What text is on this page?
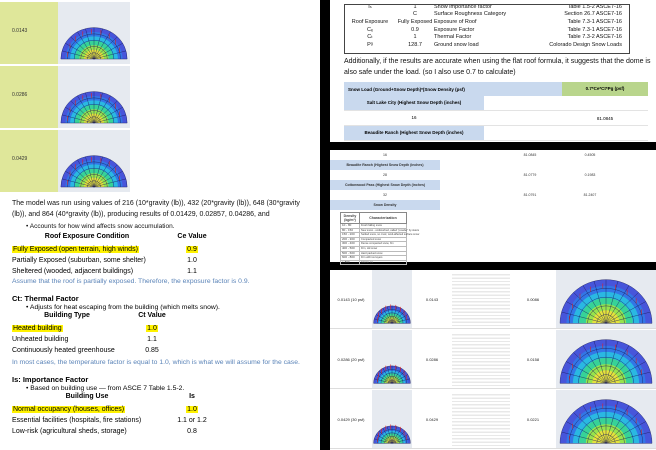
0.0143
0.0286
0.0429
The model was run using values of 216 (10*gravity (lb)), 432 (20*gravity (lb)), 648 (30*gravity (lb)), and 864 (40*gravity (lb)), producing results of 0.01429, 0.02857, 0.04286, and
Iₛ	1	Snow importance factor	Table 1.5-2 ASCE7-16
	C	Surface Roughness Category	Section 26.7 ASCE7-16
Roof Exposure	Fully Exposed	Exposure of Roof	Table 7.3-1 ASCE7-16
Cₑ	0.9	Exposure Factor	Table 7.3-1 ASCE7-16
Cₜ	1	Thermal Factor	Table 7.3-2 ASCE7-16
Pᵍ	128.7	Ground snow load	Colorado Design Snow Loads
Additionally, if the results are accurate when using the flat roof formula, it suggests that the dome is also safe under the load. (so I also use 0.7 to calculate)
Snow Load (Ground+Snow Depth)*(Snow Density (psf)	0.7*Ce*Ct*Pg (psf)
Salt Lake City (Highest Snow Depth (inches)
16	81.0845
Beaudite Ranch (Highest Snow Depth (inches)
28	81.0779
16	81.0845	0.4505
Beaudite Ranch (Highest Snow Depth (inches)
28	81.0779	0.1983
Cottonwood Pass (Highest Snow Depth (inches)
32	81.0791	81.2407
Snow Density
Density (kg/m³)	Characterization
10 - 80	Fresh falling snow
80 - 150	New snow - undisturbed, called "powder" by skiers
150 - 200	Settled snow, no crust; wind-affected surface snow
200 - 300	Compacted snow
300 - 400	Dense compacted snow, firn
400 - 500	Firn, old snow
500 - 600	Hard packed snow
600 - 800	Firn with ice layers
> 800	Glacier ice
• Accounts for how wind affects snow accumulation.
Roof Exposure Condition	Ce Value
Fully Exposed (open terrain, high winds)	0.9
Partially Exposed (suburban, some shelter)	1.0
Sheltered (wooded, adjacent buildings)	1.1
Assume that the roof is partially exposed. Therefore, the exposure factor is 0.9.
Ct: Thermal Factor
• Adjusts for heat escaping from the building (which melts snow).
Building Type	Ct Value
Heated building	1.0
Unheated building	1.1
Continuously heated greenhouse	0.85
In most cases, the temperature factor is equal to 1.0, which is what we will assume for the case.
Is: Importance Factor
• Based on building use — from ASCE 7 Table 1.5-2.
Building Use	Is
Normal occupancy (houses, offices)	1.0
Essential facilities (hospitals, fire stations)	1.1 or 1.2
Low-risk (agricultural sheds, storage)	0.8
0.0143 (10 psf)	0.0143	0.0086
0.0286 (20 psf)	0.0286	0.0158
0.0429 (30 psf)	0.0429	0.0221
